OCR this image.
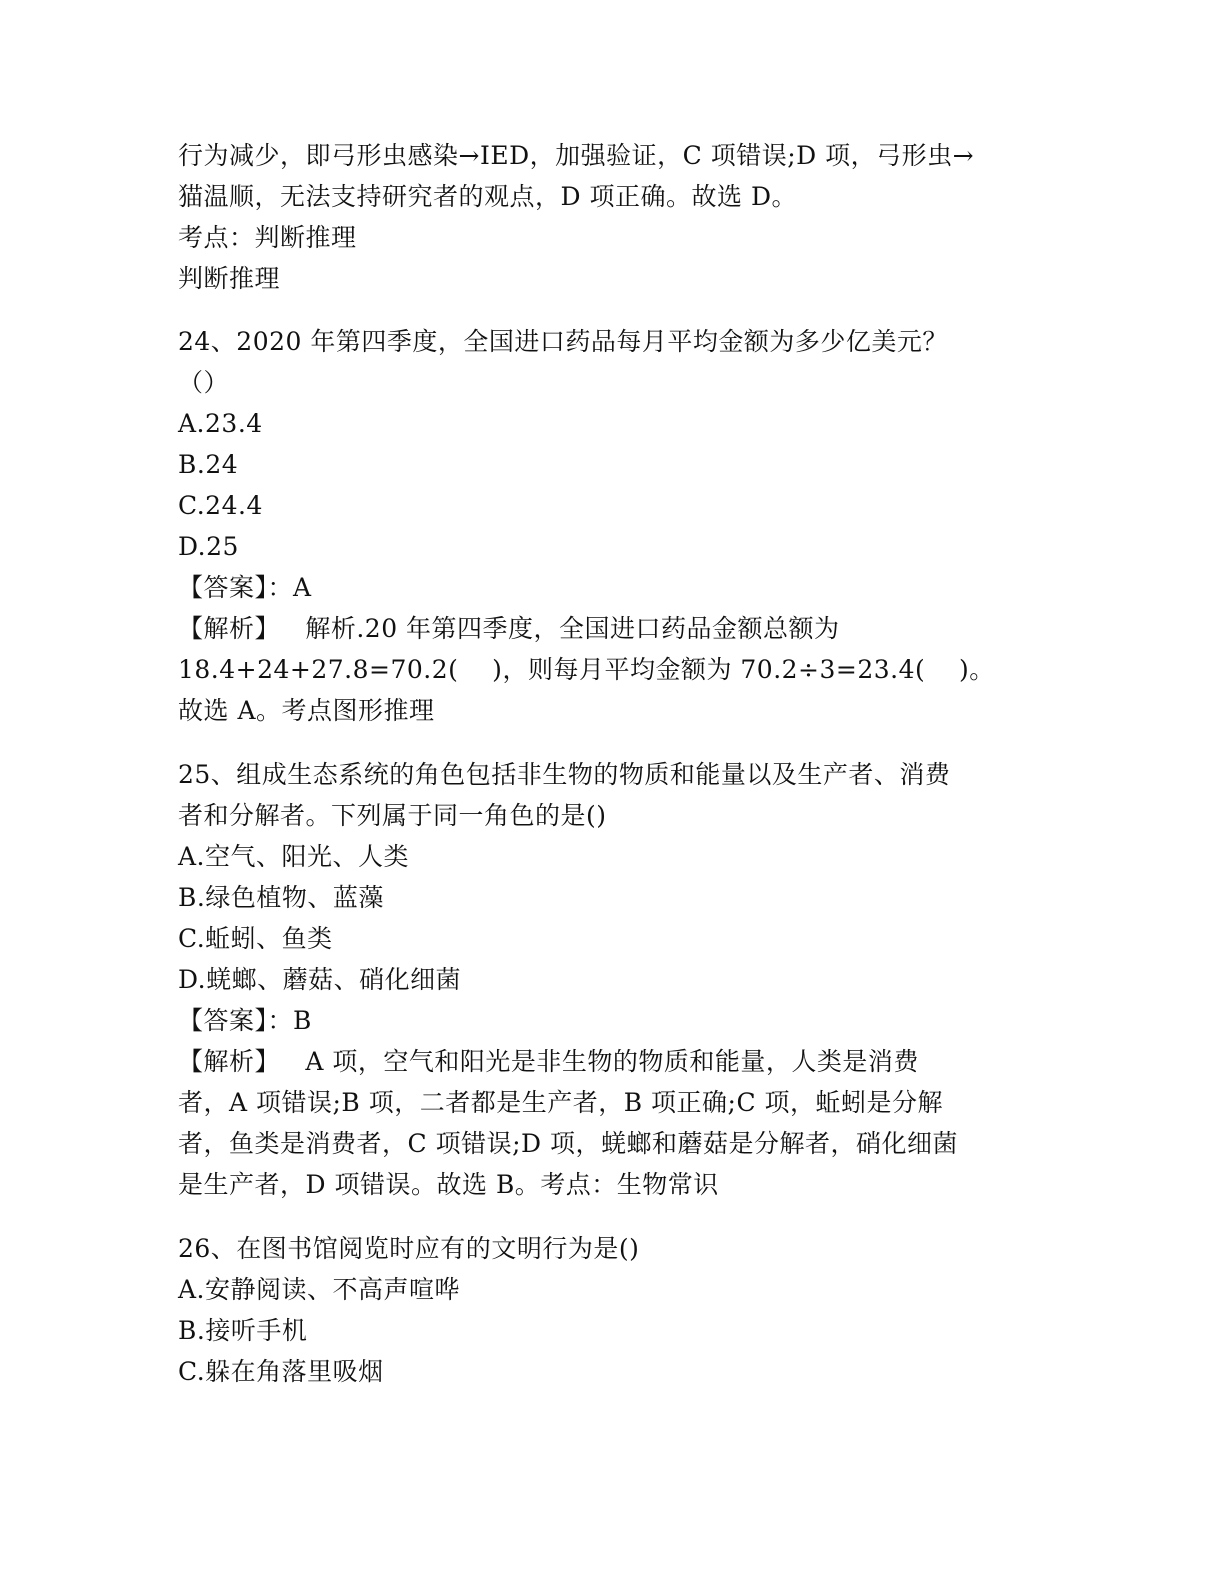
行为减少，即弓形虫感染→IED，加强验证，C 项错误;D 项，弓形虫→
猫温顺，无法支持研究者的观点，D 项正确。故选 D。
考点：判断推理
判断推理
24、2020 年第四季度，全国进口药品每月平均金额为多少亿美元？
（）
A.23.4
B.24
C.24.4
D.25
【答案】：A
【解析】   解析.20 年第四季度，全国进口药品金额总额为
18.4+24+27.8=70.2(    )，则每月平均金额为 70.2÷3=23.4(    )。
故选 A。考点图形推理
25、组成生态系统的角色包括非生物的物质和能量以及生产者、消费
者和分解者。下列属于同一角色的是()
A.空气、阳光、人类
B.绿色植物、蓝藻
C.蚯蚓、鱼类
D.蜣螂、蘑菇、硝化细菌
【答案】：B
【解析】   A 项，空气和阳光是非生物的物质和能量，人类是消费
者，A 项错误;B 项，二者都是生产者，B 项正确;C 项，蚯蚓是分解
者，鱼类是消费者，C 项错误;D 项，蜣螂和蘑菇是分解者，硝化细菌
是生产者，D 项错误。故选 B。考点：生物常识
26、在图书馆阅览时应有的文明行为是()
A.安静阅读、不高声喧哗
B.接听手机
C.躲在角落里吸烟
